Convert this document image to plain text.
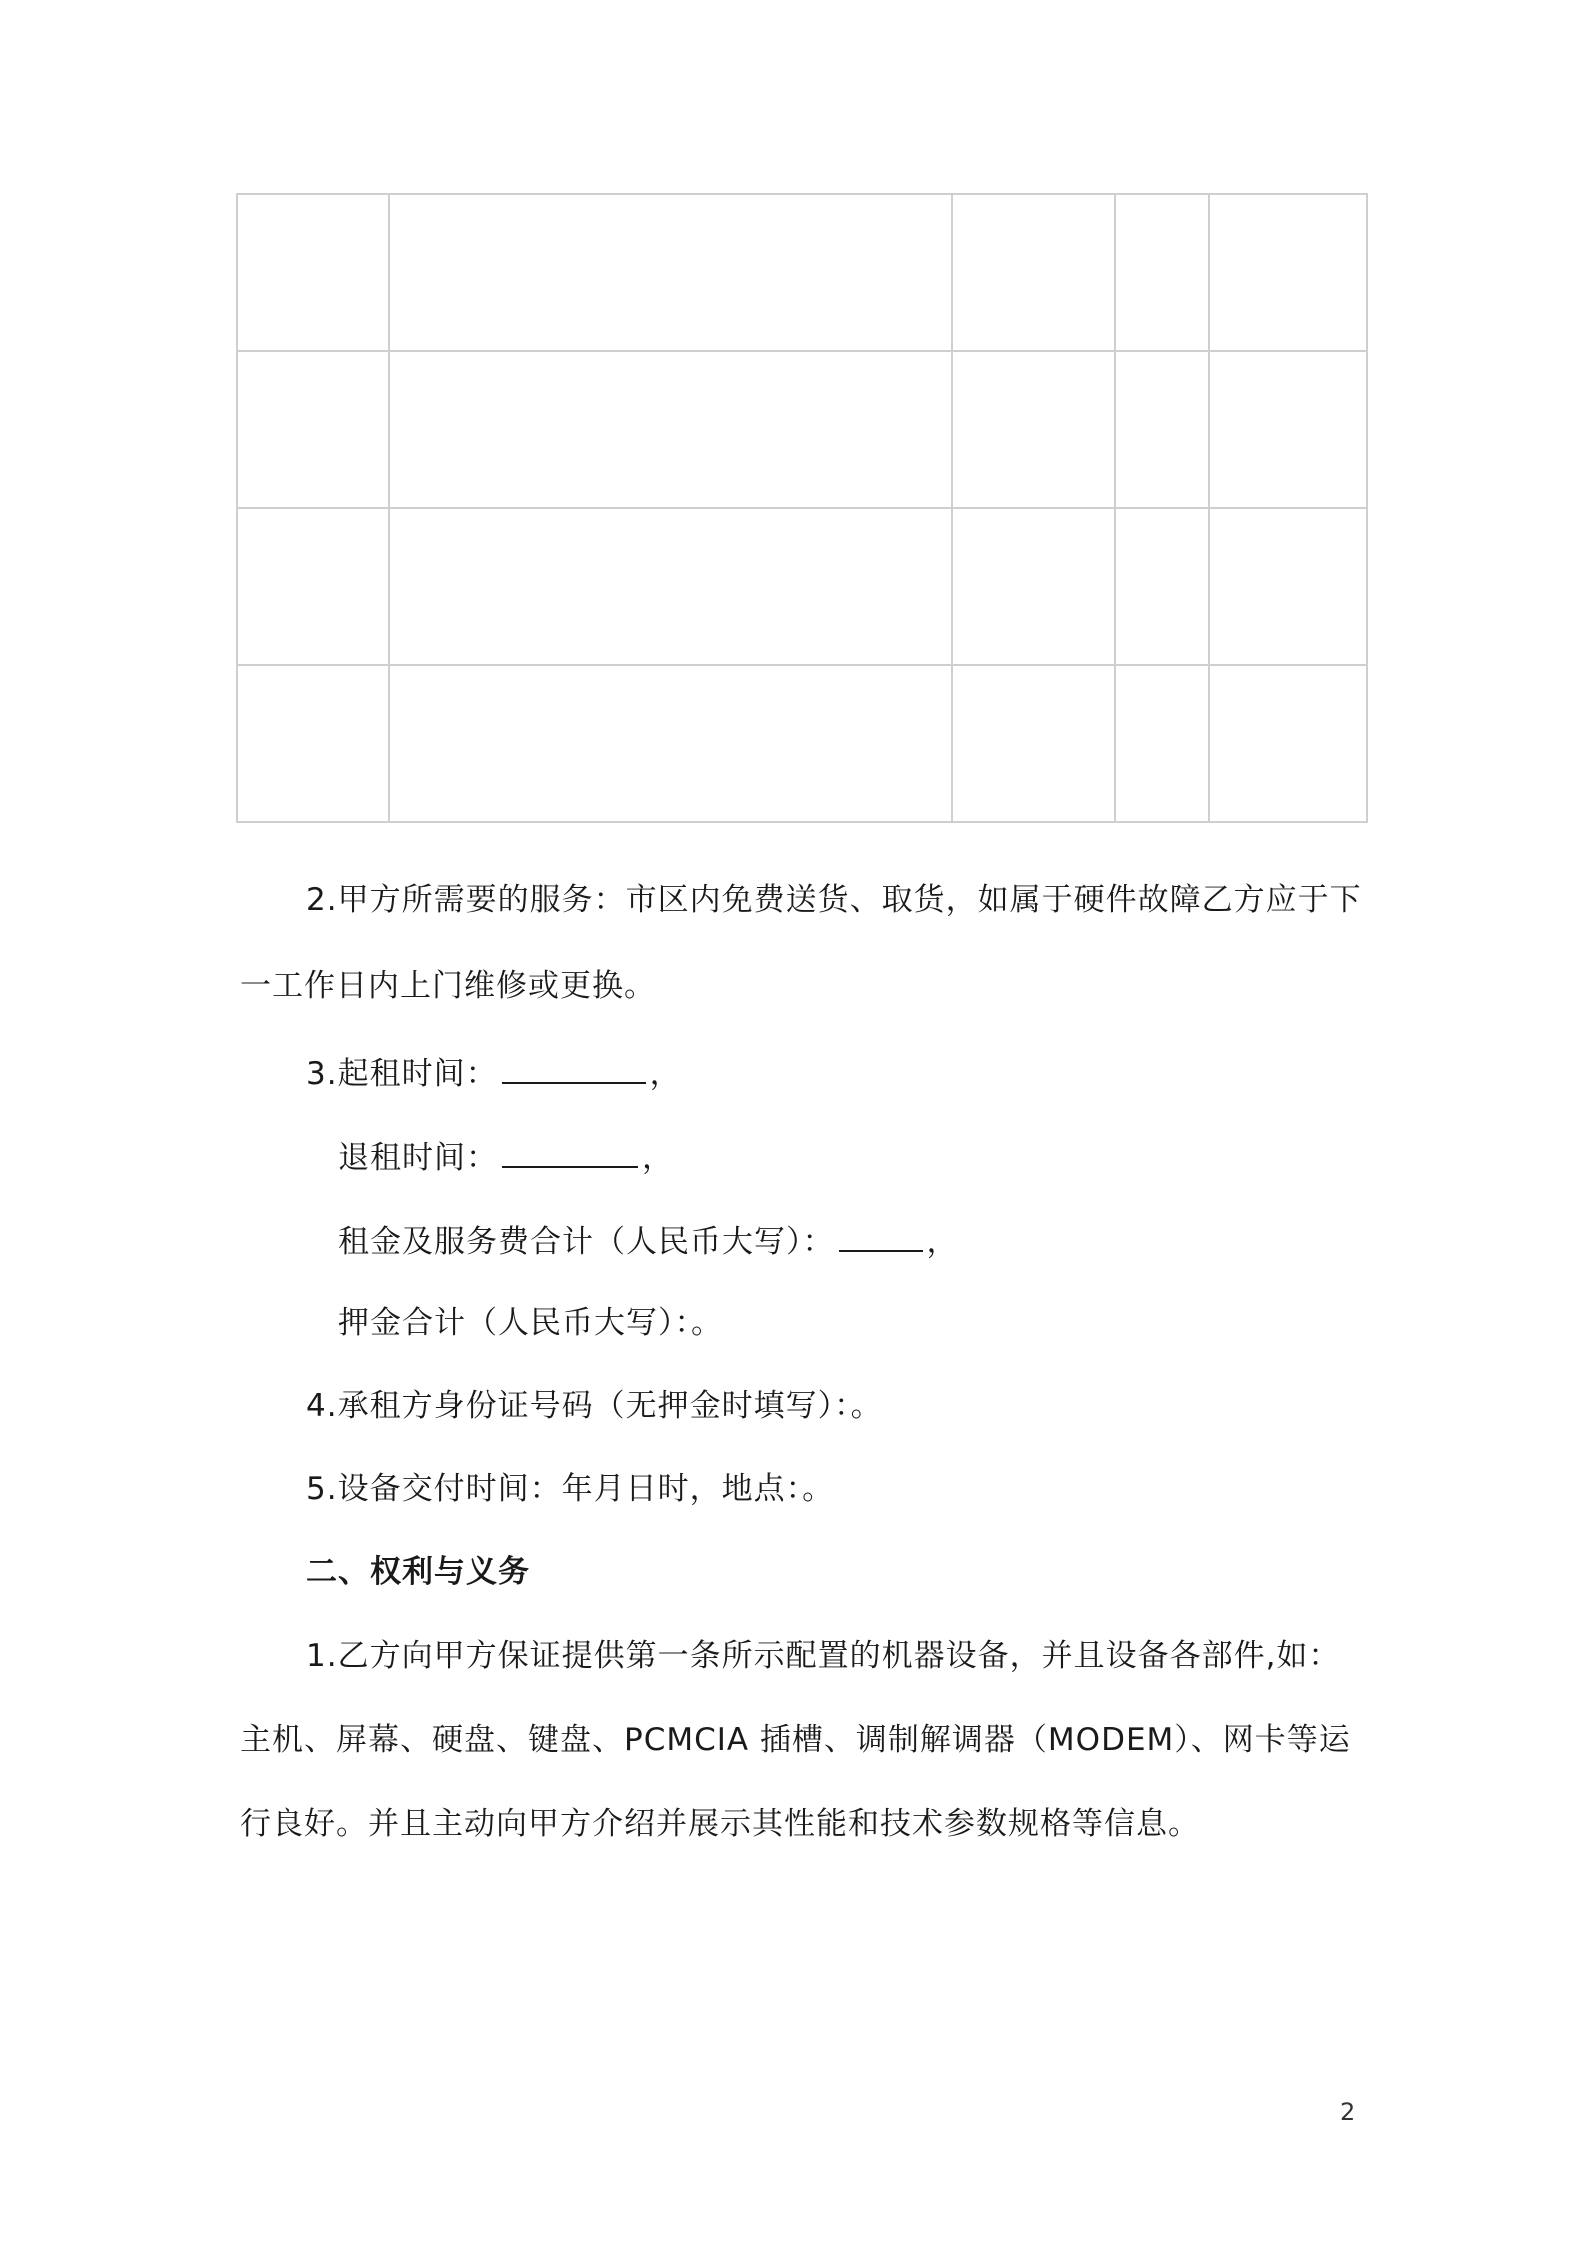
2.甲方所需要的服务：市区内免费送货、取货，如属于硬件故障乙方应于下
一工作日内上门维修或更换。
3.起租时间：	，
退租时间：	，
租金及服务费合计（人民币大写）：	，
押金合计（人民币大写）：。
4.承租方身份证号码（无押金时填写）：。
5.设备交付时间：年月日时，地点：。
二、权利与义务
1.乙方向甲方保证提供第一条所示配置的机器设备，并且设备各部件,如：
主机、屏幕、硬盘、键盘、PCMCIA 插槽、调制解调器（MODEM）、网卡等运
行良好。并且主动向甲方介绍并展示其性能和技术参数规格等信息。
2
